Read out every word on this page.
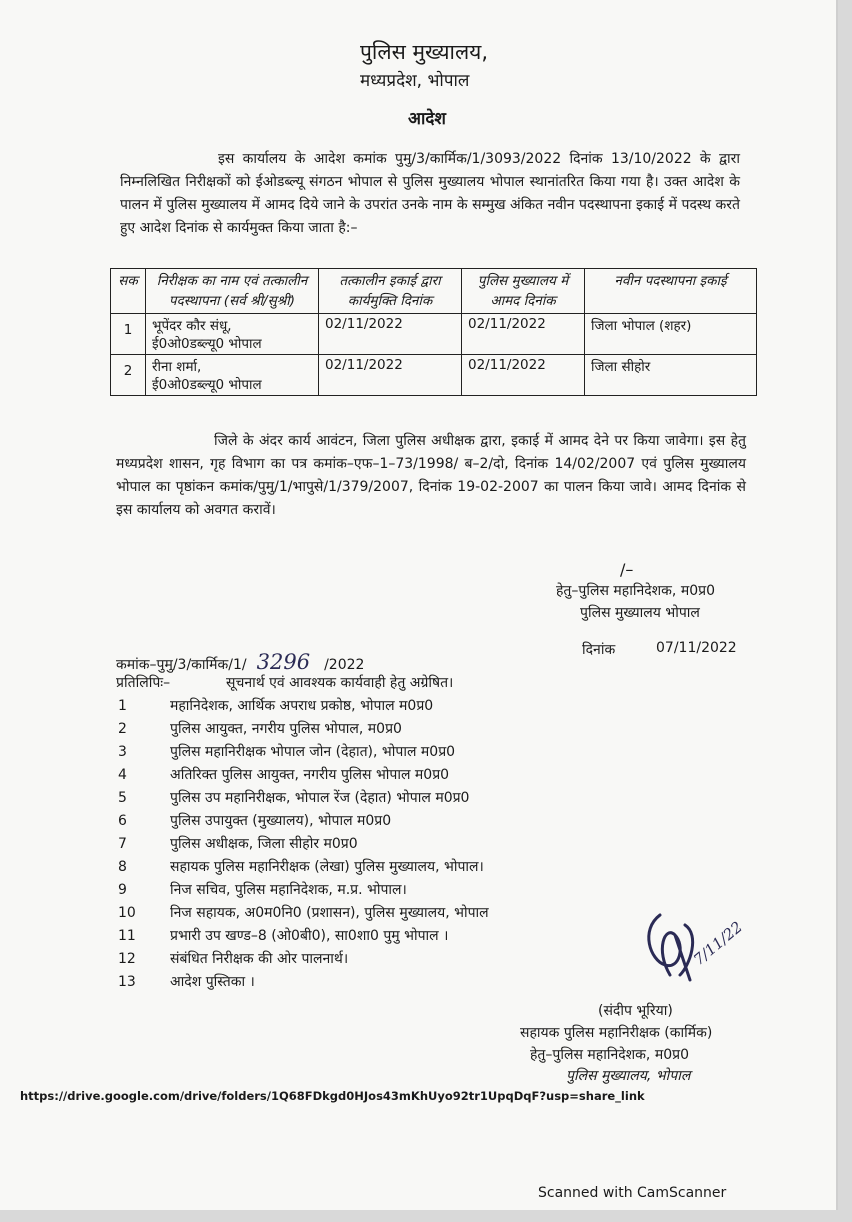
पुलिस मुख्यालय,
मध्यप्रदेश, भोपाल
आदेश
इस कार्यालय के आदेश कमांक पुमु/3/कार्मिक/1/3093/2022 दिनांक 13/10/2022 के द्वारा निम्नलिखित निरीक्षकों को ईओडब्ल्यू संगठन भोपाल से पुलिस मुख्यालय भोपाल स्थानांतरित किया गया है। उक्त आदेश के पालन में पुलिस मुख्यालय में आमद दिये जाने के उपरांत उनके नाम के सम्मुख अंकित नवीन पदस्थापना इकाई में पदस्थ करते हुए आदेश दिनांक से कार्यमुक्त किया जाता है:–
सक	निरीक्षक का नाम एवं तत्कालीन पदस्थापना (सर्व श्री/सुश्री)	तत्कालीन इकाई द्वारा कार्यमुक्ति दिनांक	पुलिस मुख्यालय में आमद दिनांक	नवीन पदस्थापना इकाई
1	भूपेंदर कौर संधू,
ई0ओ0डब्ल्यू0 भोपाल	02/11/2022	02/11/2022	जिला भोपाल (शहर)
2	रीना शर्मा,
ई0ओ0डब्ल्यू0 भोपाल	02/11/2022	02/11/2022	जिला सीहोर
जिले के अंदर कार्य आवंटन, जिला पुलिस अधीक्षक द्वारा, इकाई में आमद देने पर किया जावेगा। इस हेतु मध्यप्रदेश शासन, गृह विभाग का पत्र कमांक–एफ–1–73/1998/ ब–2/दो, दिनांक 14/02/2007 एवं पुलिस मुख्यालय भोपाल का पृष्ठांकन कमांक/पुमु/1/भापुसे/1/379/2007, दिनांक 19-02-2007 का पालन किया जावे। आमद दिनांक से इस कार्यालय को अवगत करावें।
/–
हेतु–पुलिस महानिदेशक, म0प्र0
पुलिस मुख्यालय भोपाल
कमांक–पुमु/3/कार्मिक/1/ 3296 /2022
दिनांक	07/11/2022
प्रतिलिपिः–	सूचनार्थ एवं आवश्यक कार्यवाही हेतु अग्रेषित।
1	महानिदेशक, आर्थिक अपराध प्रकोष्ठ, भोपाल म0प्र0
2	पुलिस आयुक्त, नगरीय पुलिस भोपाल, म0प्र0
3	पुलिस महानिरीक्षक भोपाल जोन (देहात), भोपाल म0प्र0
4	अतिरिक्त पुलिस आयुक्त, नगरीय पुलिस भोपाल म0प्र0
5	पुलिस उप महानिरीक्षक, भोपाल रेंज (देहात) भोपाल म0प्र0
6	पुलिस उपायुक्त (मुख्यालय), भोपाल म0प्र0
7	पुलिस अधीक्षक, जिला सीहोर म0प्र0
8	सहायक पुलिस महानिरीक्षक (लेखा) पुलिस मुख्यालय, भोपाल।
9	निज सचिव, पुलिस महानिदेशक, म.प्र. भोपाल।
10 निज सहायक, अ0म0नि0 (प्रशासन), पुलिस मुख्यालय, भोपाल
11 प्रभारी उप खण्ड–8 (ओ0बी0), सा0शा0 पुमु भोपाल ।
12 संबंधित निरीक्षक की ओर पालनार्थ।
13 आदेश पुस्तिका ।
7/11/22
(संदीप भूरिया)
सहायक पुलिस महानिरीक्षक (कार्मिक)
हेतु–पुलिस महानिदेशक, म0प्र0
पुलिस मुख्यालय, भोपाल
https://drive.google.com/drive/folders/1Q68FDkgd0HJos43mKhUyo92tr1UpqDqF?usp=share_link
Scanned with CamScanner
